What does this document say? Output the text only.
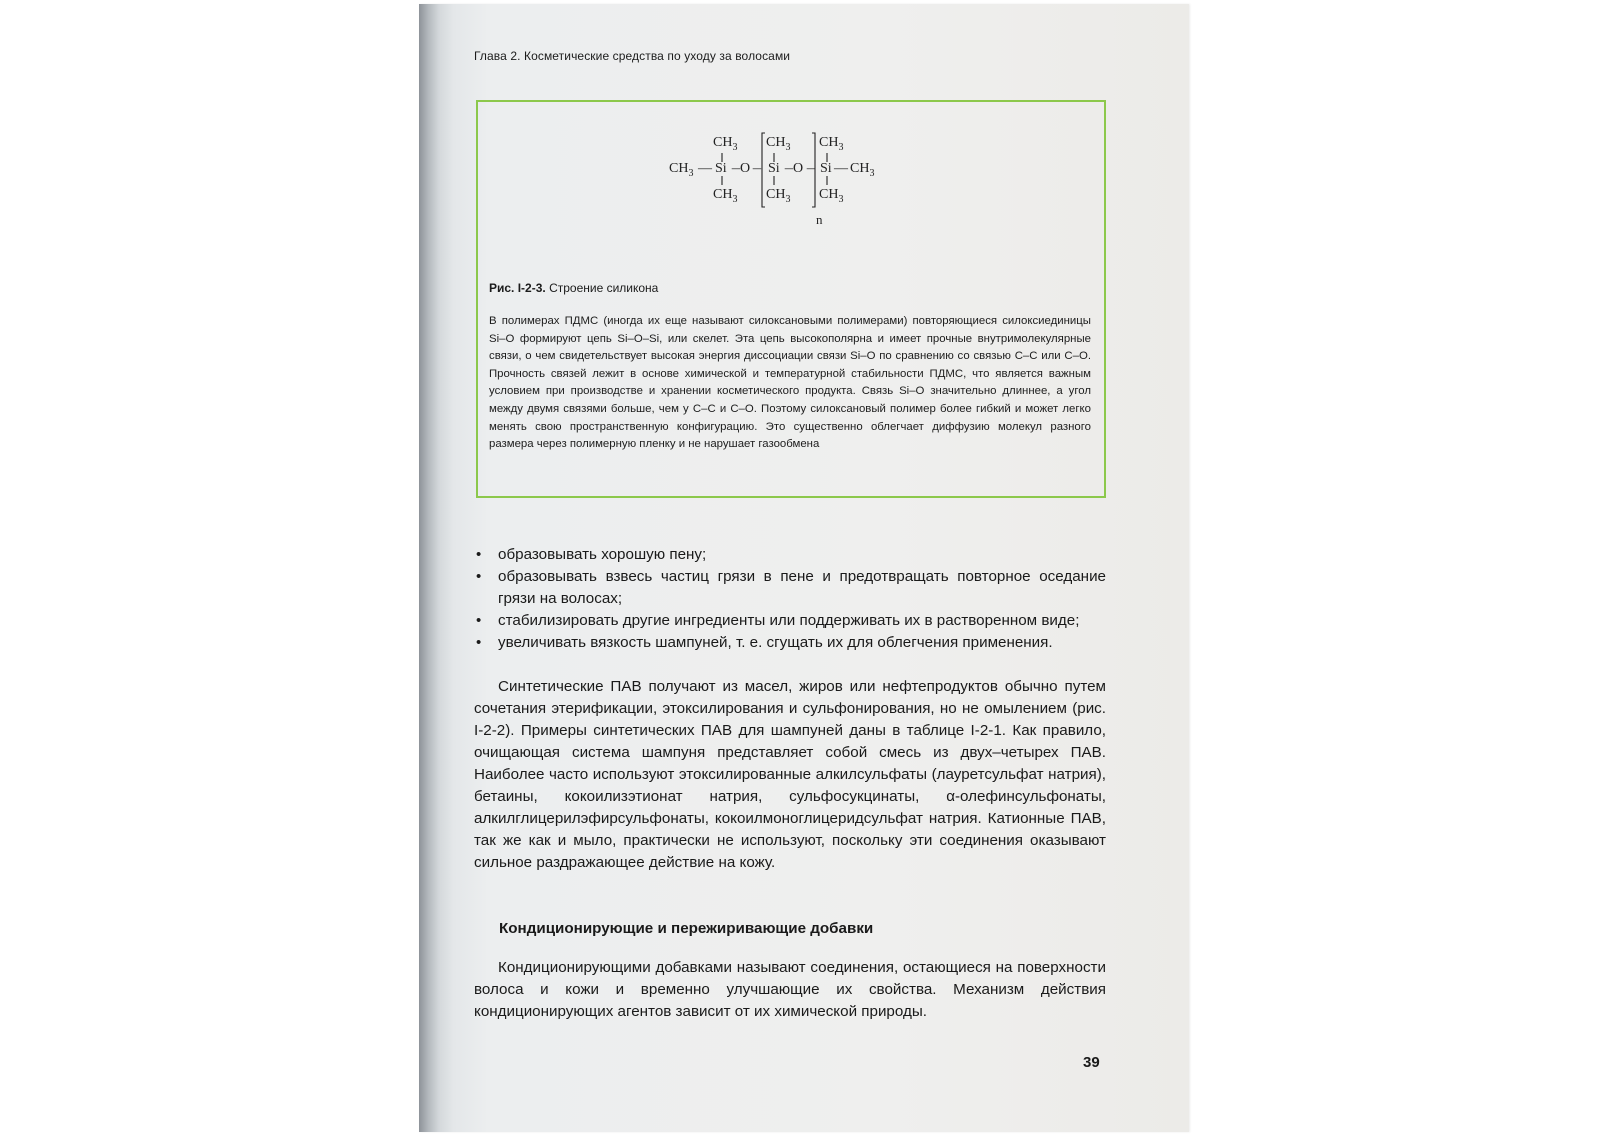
Глава 2. Косметические средства по уходу за волосами
$CH_3$ $CH_3$ $CH_3$
$CH_3$ — Si — O — Si — O — Si — $CH_3$
$CH_3$ $CH_3$ $CH_3$
n
Рис. I-2-3. Строение силикона

В полимерах ПДМС (иногда их еще называют силоксановыми полимерами) повторяющиеся силоксиединицы Si–O формируют цепь Si–O–Si, или скелет. Эта цепь высокополярна и имеет прочные внутримолекулярные связи, о чем свидетельствует высокая энергия диссоциации связи Si–O по сравнению со связью С–С или С–О. Прочность связей лежит в основе химической и температурной стабильности ПДМС, что является важным условием при производстве и хранении косметического продукта. Связь Si–O значительно длиннее, а угол между двумя связями больше, чем у С–С и С–О. Поэтому силоксановый полимер более гибкий и может легко менять свою пространственную конфигурацию. Это существенно облегчает диффузию молекул разного размера через полимерную пленку и не нарушает газообмена

• образовывать хорошую пену;
• образовывать взвесь частиц грязи в пене и предотвращать повторное оседание грязи на волосах;
• стабилизировать другие ингредиенты или поддерживать их в растворенном виде;
• увеличивать вязкость шампуней, т. е. сгущать их для облегчения применения.

Синтетические ПАВ получают из масел, жиров или нефтепродуктов обычно путем сочетания этерификации, этоксилирования и сульфонирования, но не омылением (рис. I-2-2). Примеры синтетических ПАВ для шампуней даны в таблице I-2-1. Как правило, очищающая система шампуня представляет собой смесь из двух–четырех ПАВ. Наиболее часто используют этоксилированные алкилсульфаты (лауретсульфат натрия), бетаины, кокоилизэтионат натрия, сульфосукцинаты, α-олефинсульфонаты, алкилглицерилэфирсульфонаты, кокоилмоноглицеридсульфат натрия. Катионные ПАВ, так же как и мыло, практически не используют, поскольку эти соединения оказывают сильное раздражающее действие на кожу.

Кондиционирующие и пережиривающие добавки

Кондиционирующими добавками называют соединения, остающиеся на поверхности волоса и кожи и временно улучшающие их свойства. Механизм действия кондиционирующих агентов зависит от их химической природы.

39
